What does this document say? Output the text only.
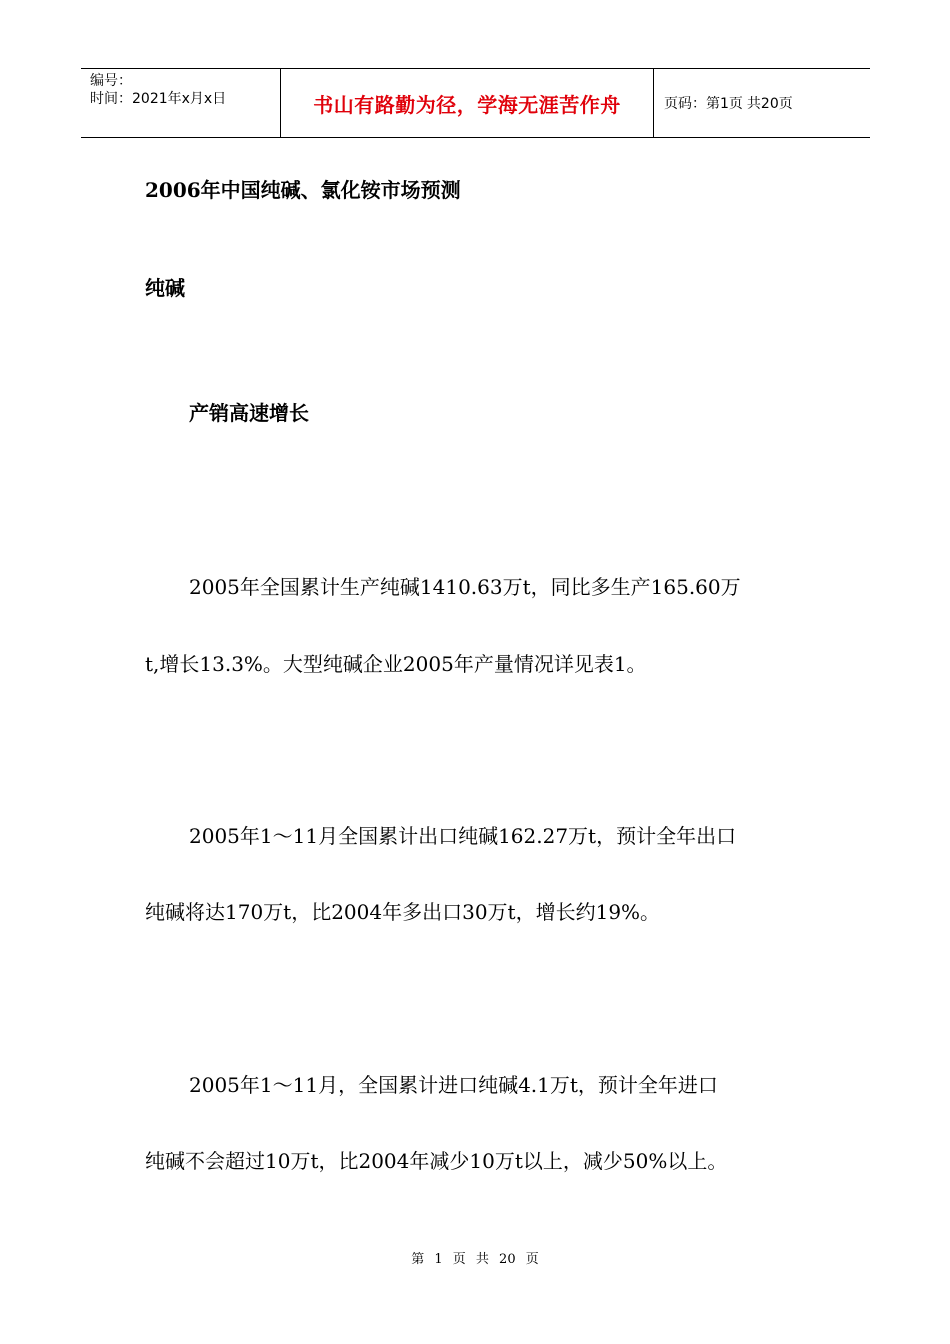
编号：
时间：2021年x月x日	书山有路勤为径，学海无涯苦作舟	页码：第1页 共20页
2006年中国纯碱、氯化铵市场预测
纯碱
产销高速增长
2005年全国累计生产纯碱1410.63万t，同比多生产165.60万
t,增长13.3%。大型纯碱企业2005年产量情况详见表1。
2005年1～11月全国累计出口纯碱162.27万t，预计全年出口
纯碱将达170万t，比2004年多出口30万t，增长约19%。
2005年1～11月，全国累计进口纯碱4.1万t，预计全年进口
纯碱不会超过10万t，比2004年减少10万t以上，减少50%以上。
第 1 页 共 20 页
